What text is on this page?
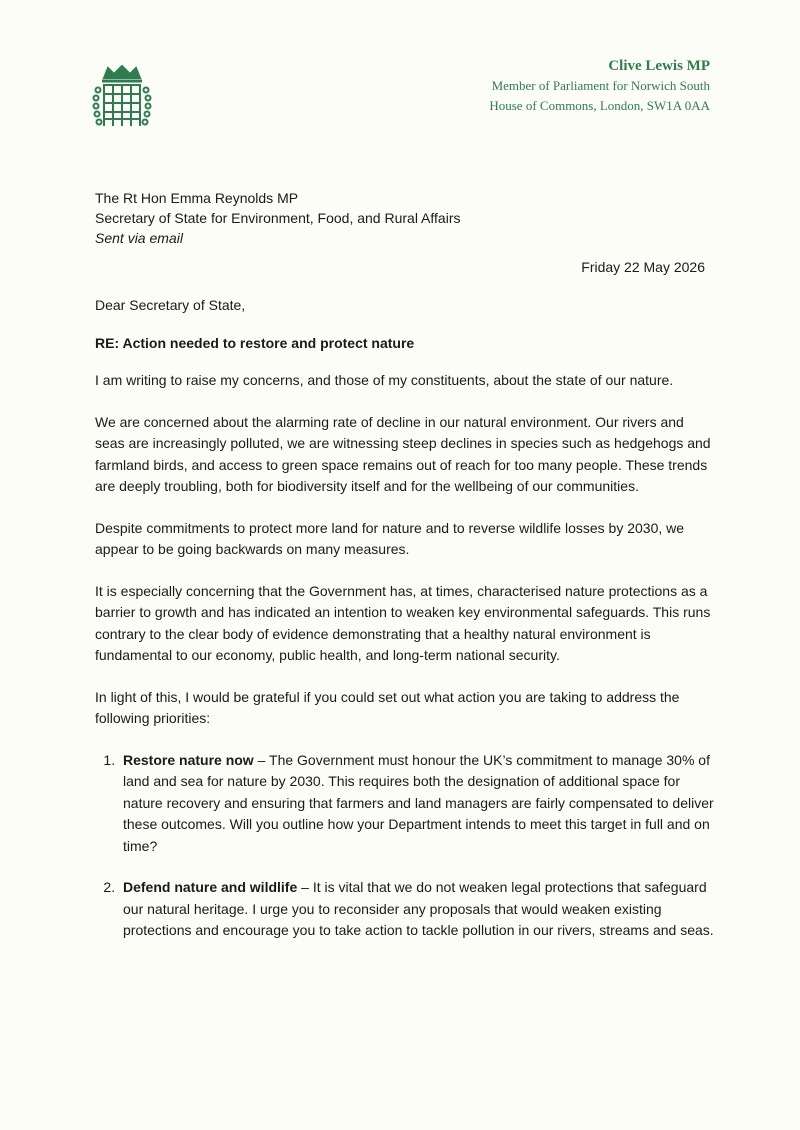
Clive Lewis MP
Member of Parliament for Norwich South
House of Commons, London, SW1A 0AA
The Rt Hon Emma Reynolds MP
Secretary of State for Environment, Food, and Rural Affairs
Sent via email
Friday 22 May 2026

Dear Secretary of State,

RE: Action needed to restore and protect nature

I am writing to raise my concerns, and those of my constituents, about the state of our nature.

We are concerned about the alarming rate of decline in our natural environment. Our rivers and seas are increasingly polluted, we are witnessing steep declines in species such as hedgehogs and farmland birds, and access to green space remains out of reach for too many people. These trends are deeply troubling, both for biodiversity itself and for the wellbeing of our communities.

Despite commitments to protect more land for nature and to reverse wildlife losses by 2030, we appear to be going backwards on many measures.

It is especially concerning that the Government has, at times, characterised nature protections as a barrier to growth and has indicated an intention to weaken key environmental safeguards. This runs contrary to the clear body of evidence demonstrating that a healthy natural environment is fundamental to our economy, public health, and long-term national security.

In light of this, I would be grateful if you could set out what action you are taking to address the following priorities:

1. Restore nature now – The Government must honour the UK’s commitment to manage 30% of land and sea for nature by 2030. This requires both the designation of additional space for nature recovery and ensuring that farmers and land managers are fairly compensated to deliver these outcomes. Will you outline how your Department intends to meet this target in full and on time?
2. Defend nature and wildlife – It is vital that we do not weaken legal protections that safeguard our natural heritage. I urge you to reconsider any proposals that would weaken existing protections and encourage you to take action to tackle pollution in our rivers, streams and seas.
